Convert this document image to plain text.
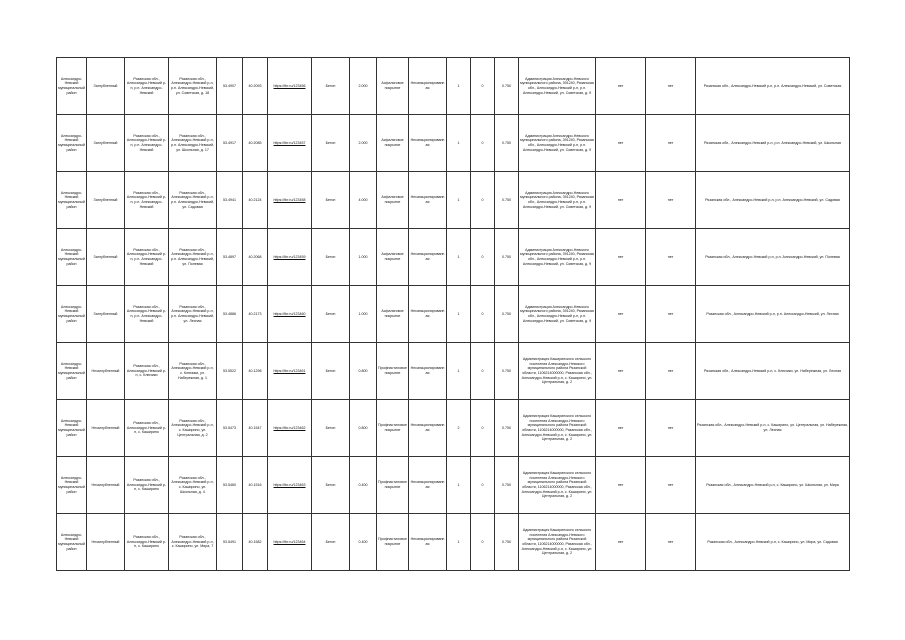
Александро-Невский муниципальный район	Заглубленный	Рязанская обл., Александро-Невский р-н, р.п. Александро-Невский	Рязанская обл., Александро-Невский р-н, р.п. Александро-Невский, ул. Советская, д. 18	53.4907	40.2093	https://tbr.ru/123456	Бетон	2.000	Асфальтовое покрытие	Несанкционированная	1	0	0.750	Администрация Александро-Невского муниципального района, 391240, Рязанская обл., Александро-Невский р-н, р.п. Александро-Невский, ул. Советская, д. 9	нет	нет	Рязанская обл., Александро-Невский р-н, р.п. Александро-Невский, ул. Советская
Александро-Невский муниципальный район	Заглубленный	Рязанская обл., Александро-Невский р-н, р.п. Александро-Невский	Рязанская обл., Александро-Невский р-н, р.п. Александро-Невский, ул. Школьная, д. 17	53.4917	40.2085	https://tbr.ru/123457	Бетон	2.000	Асфальтовое покрытие	Несанкционированная	1	0	0.750	Администрация Александро-Невского муниципального района, 391240, Рязанская обл., Александро-Невский р-н, р.п. Александро-Невский, ул. Советская, д. 9	нет	нет	Рязанская обл., Александро-Невский р-н, р.п. Александро-Невский, ул. Школьная
Александро-Невский муниципальный район	Заглубленный	Рязанская обл., Александро-Невский р-н, р.п. Александро-Невский	Рязанская обл., Александро-Невский р-н, р.п. Александро-Невский, ул. Садовая	53.4941	40.2124	https://tbr.ru/123458	Бетон	4.000	Асфальтовое покрытие	Несанкционированная	1	0	0.750	Администрация Александро-Невского муниципального района, 391240, Рязанская обл., Александро-Невский р-н, р.п. Александро-Невский, ул. Советская, д. 9	нет	нет	Рязанская обл., Александро-Невский р-н, р.п. Александро-Невский, ул. Садовая
Александро-Невский муниципальный район	Заглубленный	Рязанская обл., Александро-Невский р-н, р.п. Александро-Невский	Рязанская обл., Александро-Невский р-н, р.п. Александро-Невский, ул. Полевая	53.4897	40.2068	https://tbr.ru/123459	Бетон	1.000	Асфальтовое покрытие	Несанкционированная	1	0	0.750	Администрация Александро-Невского муниципального района, 391240, Рязанская обл., Александро-Невский р-н, р.п. Александро-Невский, ул. Советская, д. 9	нет	нет	Рязанская обл., Александро-Невский р-н, р.п. Александро-Невский, ул. Полевая
Александро-Невский муниципальный район	Заглубленный	Рязанская обл., Александро-Невский р-н, р.п. Александро-Невский	Рязанская обл., Александро-Невский р-н, р.п. Александро-Невский, ул. Лесная	53.4886	40.2173	https://tbr.ru/123460	Бетон	1.000	Асфальтовое покрытие	Несанкционированная	1	0	0.750	Администрация Александро-Невского муниципального района, 391240, Рязанская обл., Александро-Невский р-н, р.п. Александро-Невский, ул. Советская, д. 9	нет	нет	Рязанская обл., Александро-Невский р-н, р.п. Александро-Невский, ул. Лесная
Александро-Невский муниципальный район	Незаглубленный	Рязанская обл., Александро-Невский р-н, с. Ключики	Рязанская обл., Александро-Невский р-н, с. Ключики, ул. Набережная, д. 1	53.5522	40.1298	https://tbr.ru/123461	Бетон	0.800	Профнастиловое покрытие	Несанкционированная	1	0	0.750	Администрация Каширинского сельского поселения Александро-Невского муниципального района Рязанской области, 1106214000000, Рязанская обл., Александро-Невский р-н, с. Каширино, ул. Центральная, д. 2	нет	нет	Рязанская обл., Александро-Невский р-н, с. Ключики, ул. Набережная, ул. Лесная
Александро-Невский муниципальный район	Незаглубленный	Рязанская обл., Александро-Невский р-н, с. Каширино	Рязанская обл., Александро-Невский р-н, с. Каширино, ул. Центральная, д. 2	53.5473	40.1547	https://tbr.ru/123462	Бетон	0.800	Профнастиловое покрытие	Несанкционированная	2	0	0.750	Администрация Каширинского сельского поселения Александро-Невского муниципального района Рязанской области, 1106214000000, Рязанская обл., Александро-Невский р-н, с. Каширино, ул. Центральная, д. 2	нет	нет	Рязанская обл., Александро-Невский р-н, с. Каширино, ул. Центральная, ул. Набережная, ул. Лесная
Александро-Невский муниципальный район	Незаглубленный	Рязанская обл., Александро-Невский р-н, с. Каширино	Рязанская обл., Александро-Невский р-н, с. Каширино, ул. Школьная, д. 4	53.5460	40.1516	https://tbr.ru/123463	Бетон	0.400	Профнастиловое покрытие	Несанкционированная	1	0	0.750	Администрация Каширинского сельского поселения Александро-Невского муниципального района Рязанской области, 1106214000000, Рязанская обл., Александро-Невский р-н, с. Каширино, ул. Центральная, д. 2	нет	нет	Рязанская обл., Александро-Невский р-н, с. Каширино, ул. Школьная, ул. Мира
Александро-Невский муниципальный район	Незаглубленный	Рязанская обл., Александро-Невский р-н, с. Каширино	Рязанская обл., Александро-Невский р-н, с. Каширино, ул. Мира, 7	53.5491	40.1582	https://tbr.ru/123464	Бетон	0.400	Профнастиловое покрытие	Несанкционированная	1	0	0.750	Администрация Каширинского сельского поселения Александро-Невского муниципального района Рязанской области, 1106214000000, Рязанская обл., Александро-Невский р-н, с. Каширино, ул. Центральная, д. 2	нет	нет	Рязанская обл., Александро-Невский р-н, с. Каширино, ул. Мира, ул. Садовая
